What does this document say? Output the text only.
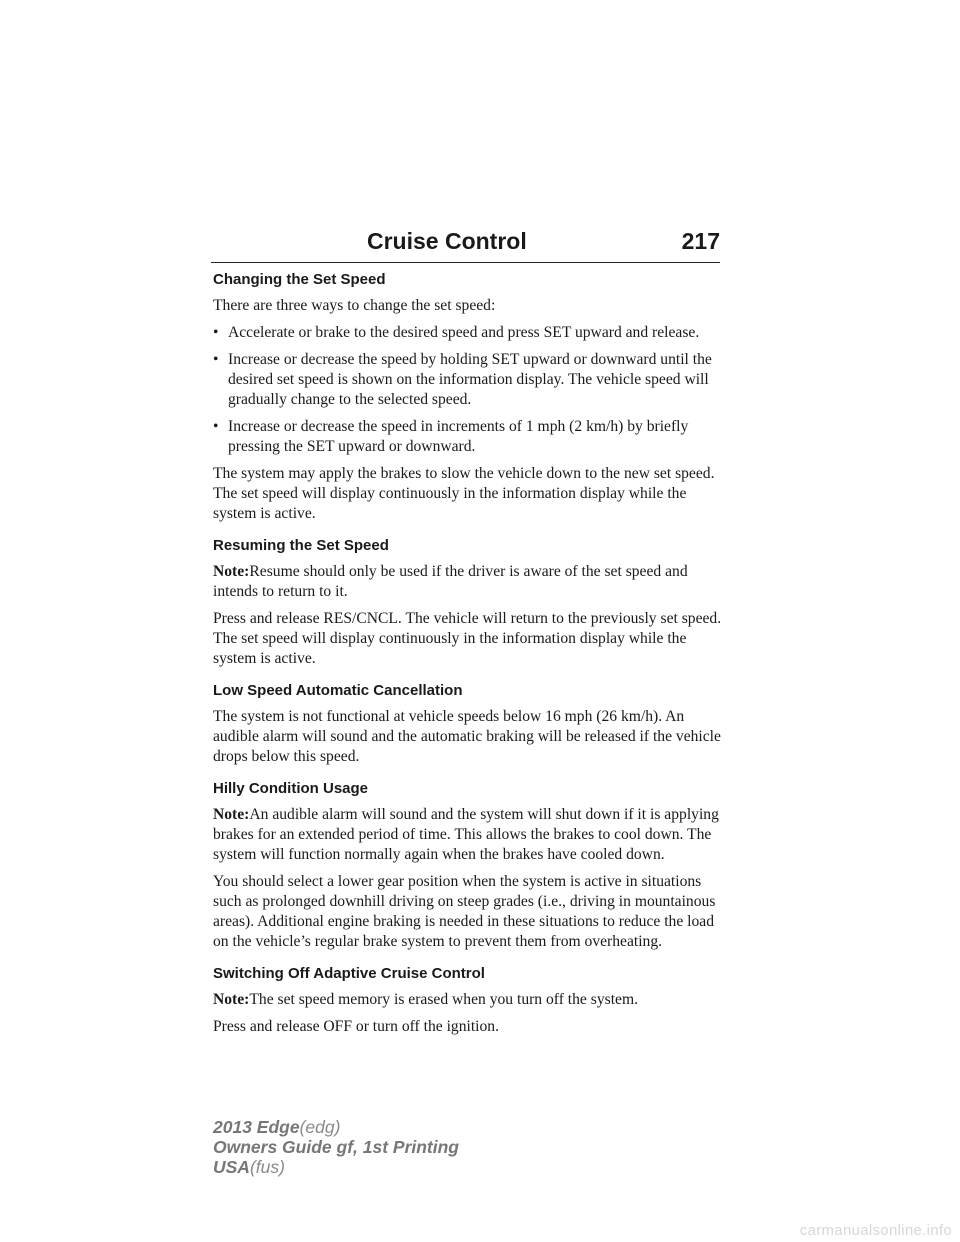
Cruise Control	217
Changing the Set Speed

There are three ways to change the set speed:

• Accelerate or brake to the desired speed and press SET upward and release.
• Increase or decrease the speed by holding SET upward or downward until the desired set speed is shown on the information display. The vehicle speed will gradually change to the selected speed.
• Increase or decrease the speed in increments of 1 mph (2 km/h) by briefly pressing the SET upward or downward.

The system may apply the brakes to slow the vehicle down to the new set speed. The set speed will display continuously in the information display while the system is active.

Resuming the Set Speed

Note:Resume should only be used if the driver is aware of the set speed and intends to return to it.

Press and release RES/CNCL. The vehicle will return to the previously set speed. The set speed will display continuously in the information display while the system is active.

Low Speed Automatic Cancellation

The system is not functional at vehicle speeds below 16 mph (26 km/h). An audible alarm will sound and the automatic braking will be released if the vehicle drops below this speed.

Hilly Condition Usage

Note:An audible alarm will sound and the system will shut down if it is applying brakes for an extended period of time. This allows the brakes to cool down. The system will function normally again when the brakes have cooled down.

You should select a lower gear position when the system is active in situations such as prolonged downhill driving on steep grades (i.e., driving in mountainous areas). Additional engine braking is needed in these situations to reduce the load on the vehicle’s regular brake system to prevent them from overheating.

Switching Off Adaptive Cruise Control

Note:The set speed memory is erased when you turn off the system.

Press and release OFF or turn off the ignition.

2013 Edge(edg)
Owners Guide gf, 1st Printing
USA(fus)
carmanualsonline.info
